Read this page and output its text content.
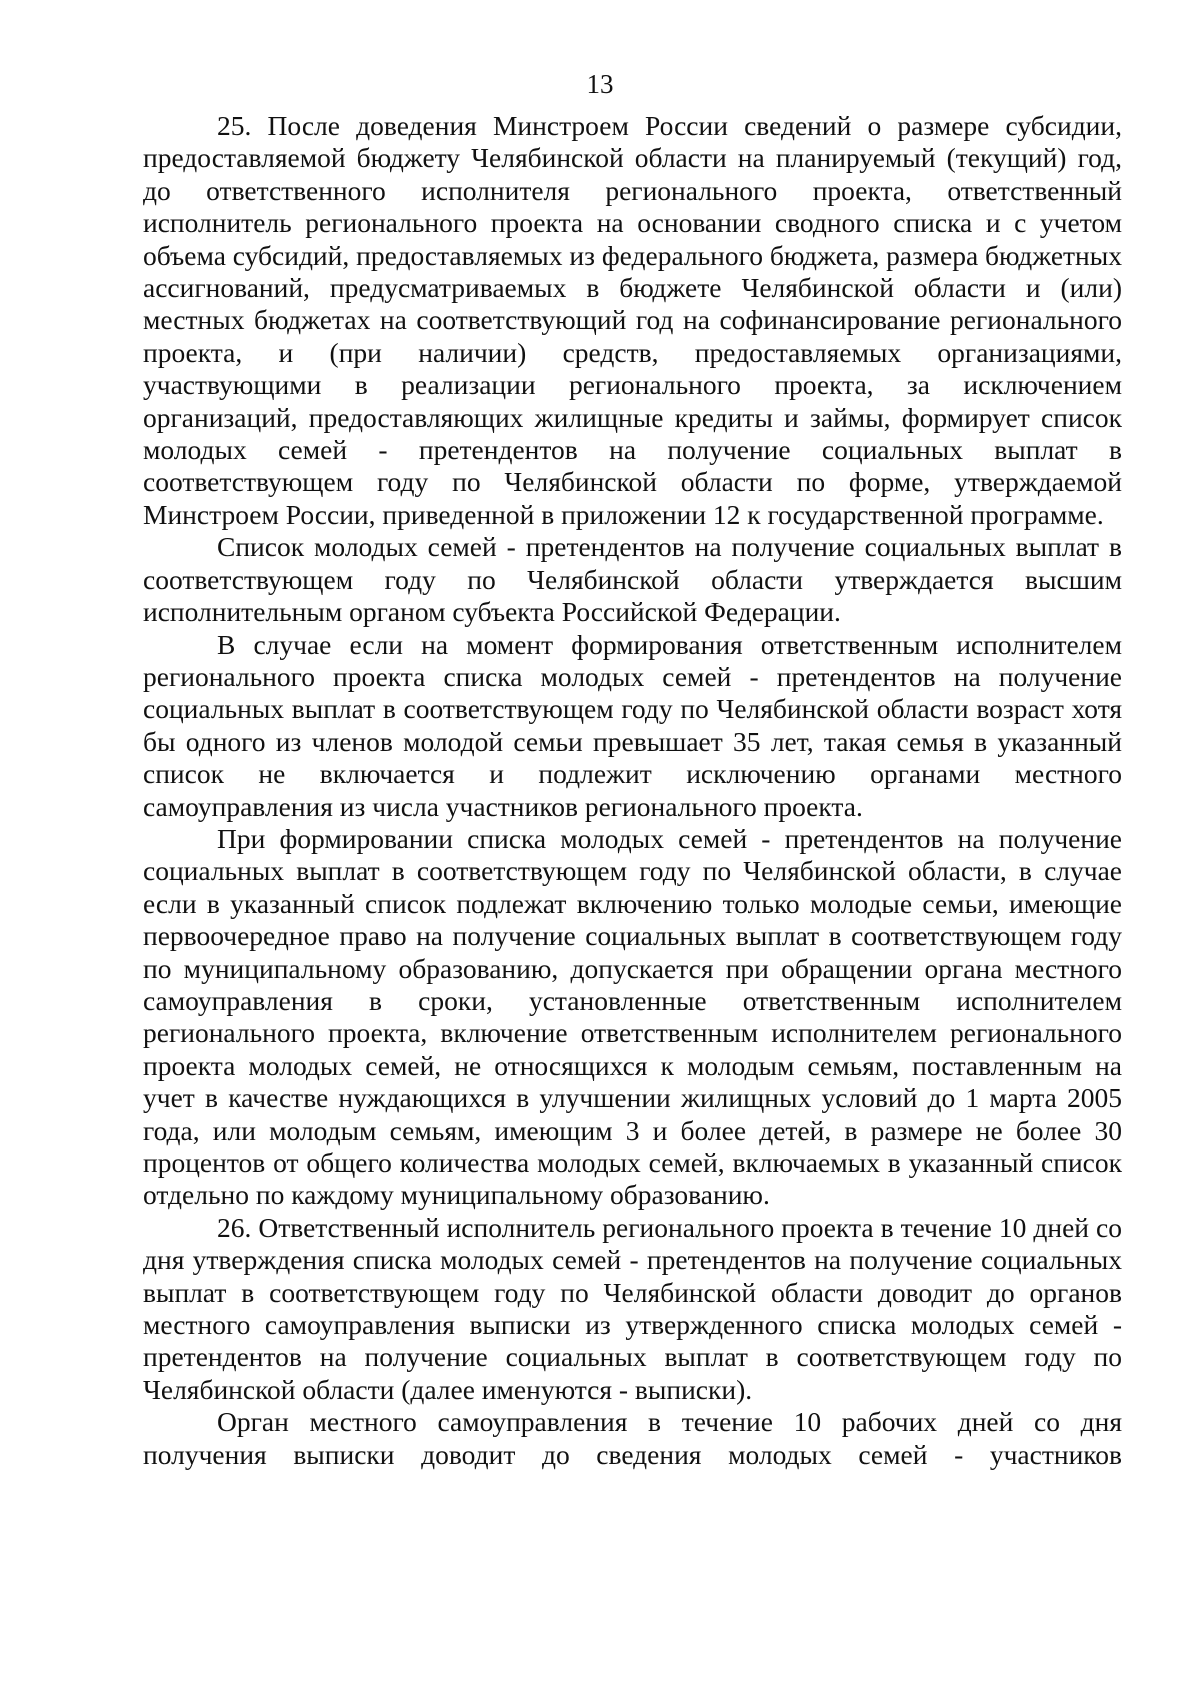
13

25. После доведения Минстроем России сведений о размере субсидии, предоставляемой бюджету Челябинской области на планируемый (текущий) год, до ответственного исполнителя регионального проекта, ответственный исполнитель регионального проекта на основании сводного списка и с учетом объема субсидий, предоставляемых из федерального бюджета, размера бюджетных ассигнований, предусматриваемых в бюджете Челябинской области и (или) местных бюджетах на соответствующий год на софинансирование регионального проекта, и (при наличии) средств, предоставляемых организациями, участвующими в реализации регионального проекта, за исключением организаций, предоставляющих жилищные кредиты и займы, формирует список молодых семей - претендентов на получение социальных выплат в соответствующем году по Челябинской области по форме, утверждаемой Минстроем России, приведенной в приложении 12 к государственной программе.

Список молодых семей - претендентов на получение социальных выплат в соответствующем году по Челябинской области утверждается высшим исполнительным органом субъекта Российской Федерации.

В случае если на момент формирования ответственным исполнителем регионального проекта списка молодых семей - претендентов на получение социальных выплат в соответствующем году по Челябинской области возраст хотя бы одного из членов молодой семьи превышает 35 лет, такая семья в указанный список не включается и подлежит исключению органами местного самоуправления из числа участников регионального проекта.

При формировании списка молодых семей - претендентов на получение социальных выплат в соответствующем году по Челябинской области, в случае если в указанный список подлежат включению только молодые семьи, имеющие первоочередное право на получение социальных выплат в соответствующем году по муниципальному образованию, допускается при обращении органа местного самоуправления в сроки, установленные ответственным исполнителем регионального проекта, включение ответственным исполнителем регионального проекта молодых семей, не относящихся к молодым семьям, поставленным на учет в качестве нуждающихся в улучшении жилищных условий до 1 марта 2005 года, или молодым семьям, имеющим 3 и более детей, в размере не более 30 процентов от общего количества молодых семей, включаемых в указанный список отдельно по каждому муниципальному образованию.

26. Ответственный исполнитель регионального проекта в течение 10 дней со дня утверждения списка молодых семей - претендентов на получение социальных выплат в соответствующем году по Челябинской области доводит до органов местного самоуправления выписки из утвержденного списка молодых семей - претендентов на получение социальных выплат в соответствующем году по Челябинской области (далее именуются - выписки).

Орган местного самоуправления в течение 10 рабочих дней со дня получения выписки доводит до сведения молодых семей - участников
